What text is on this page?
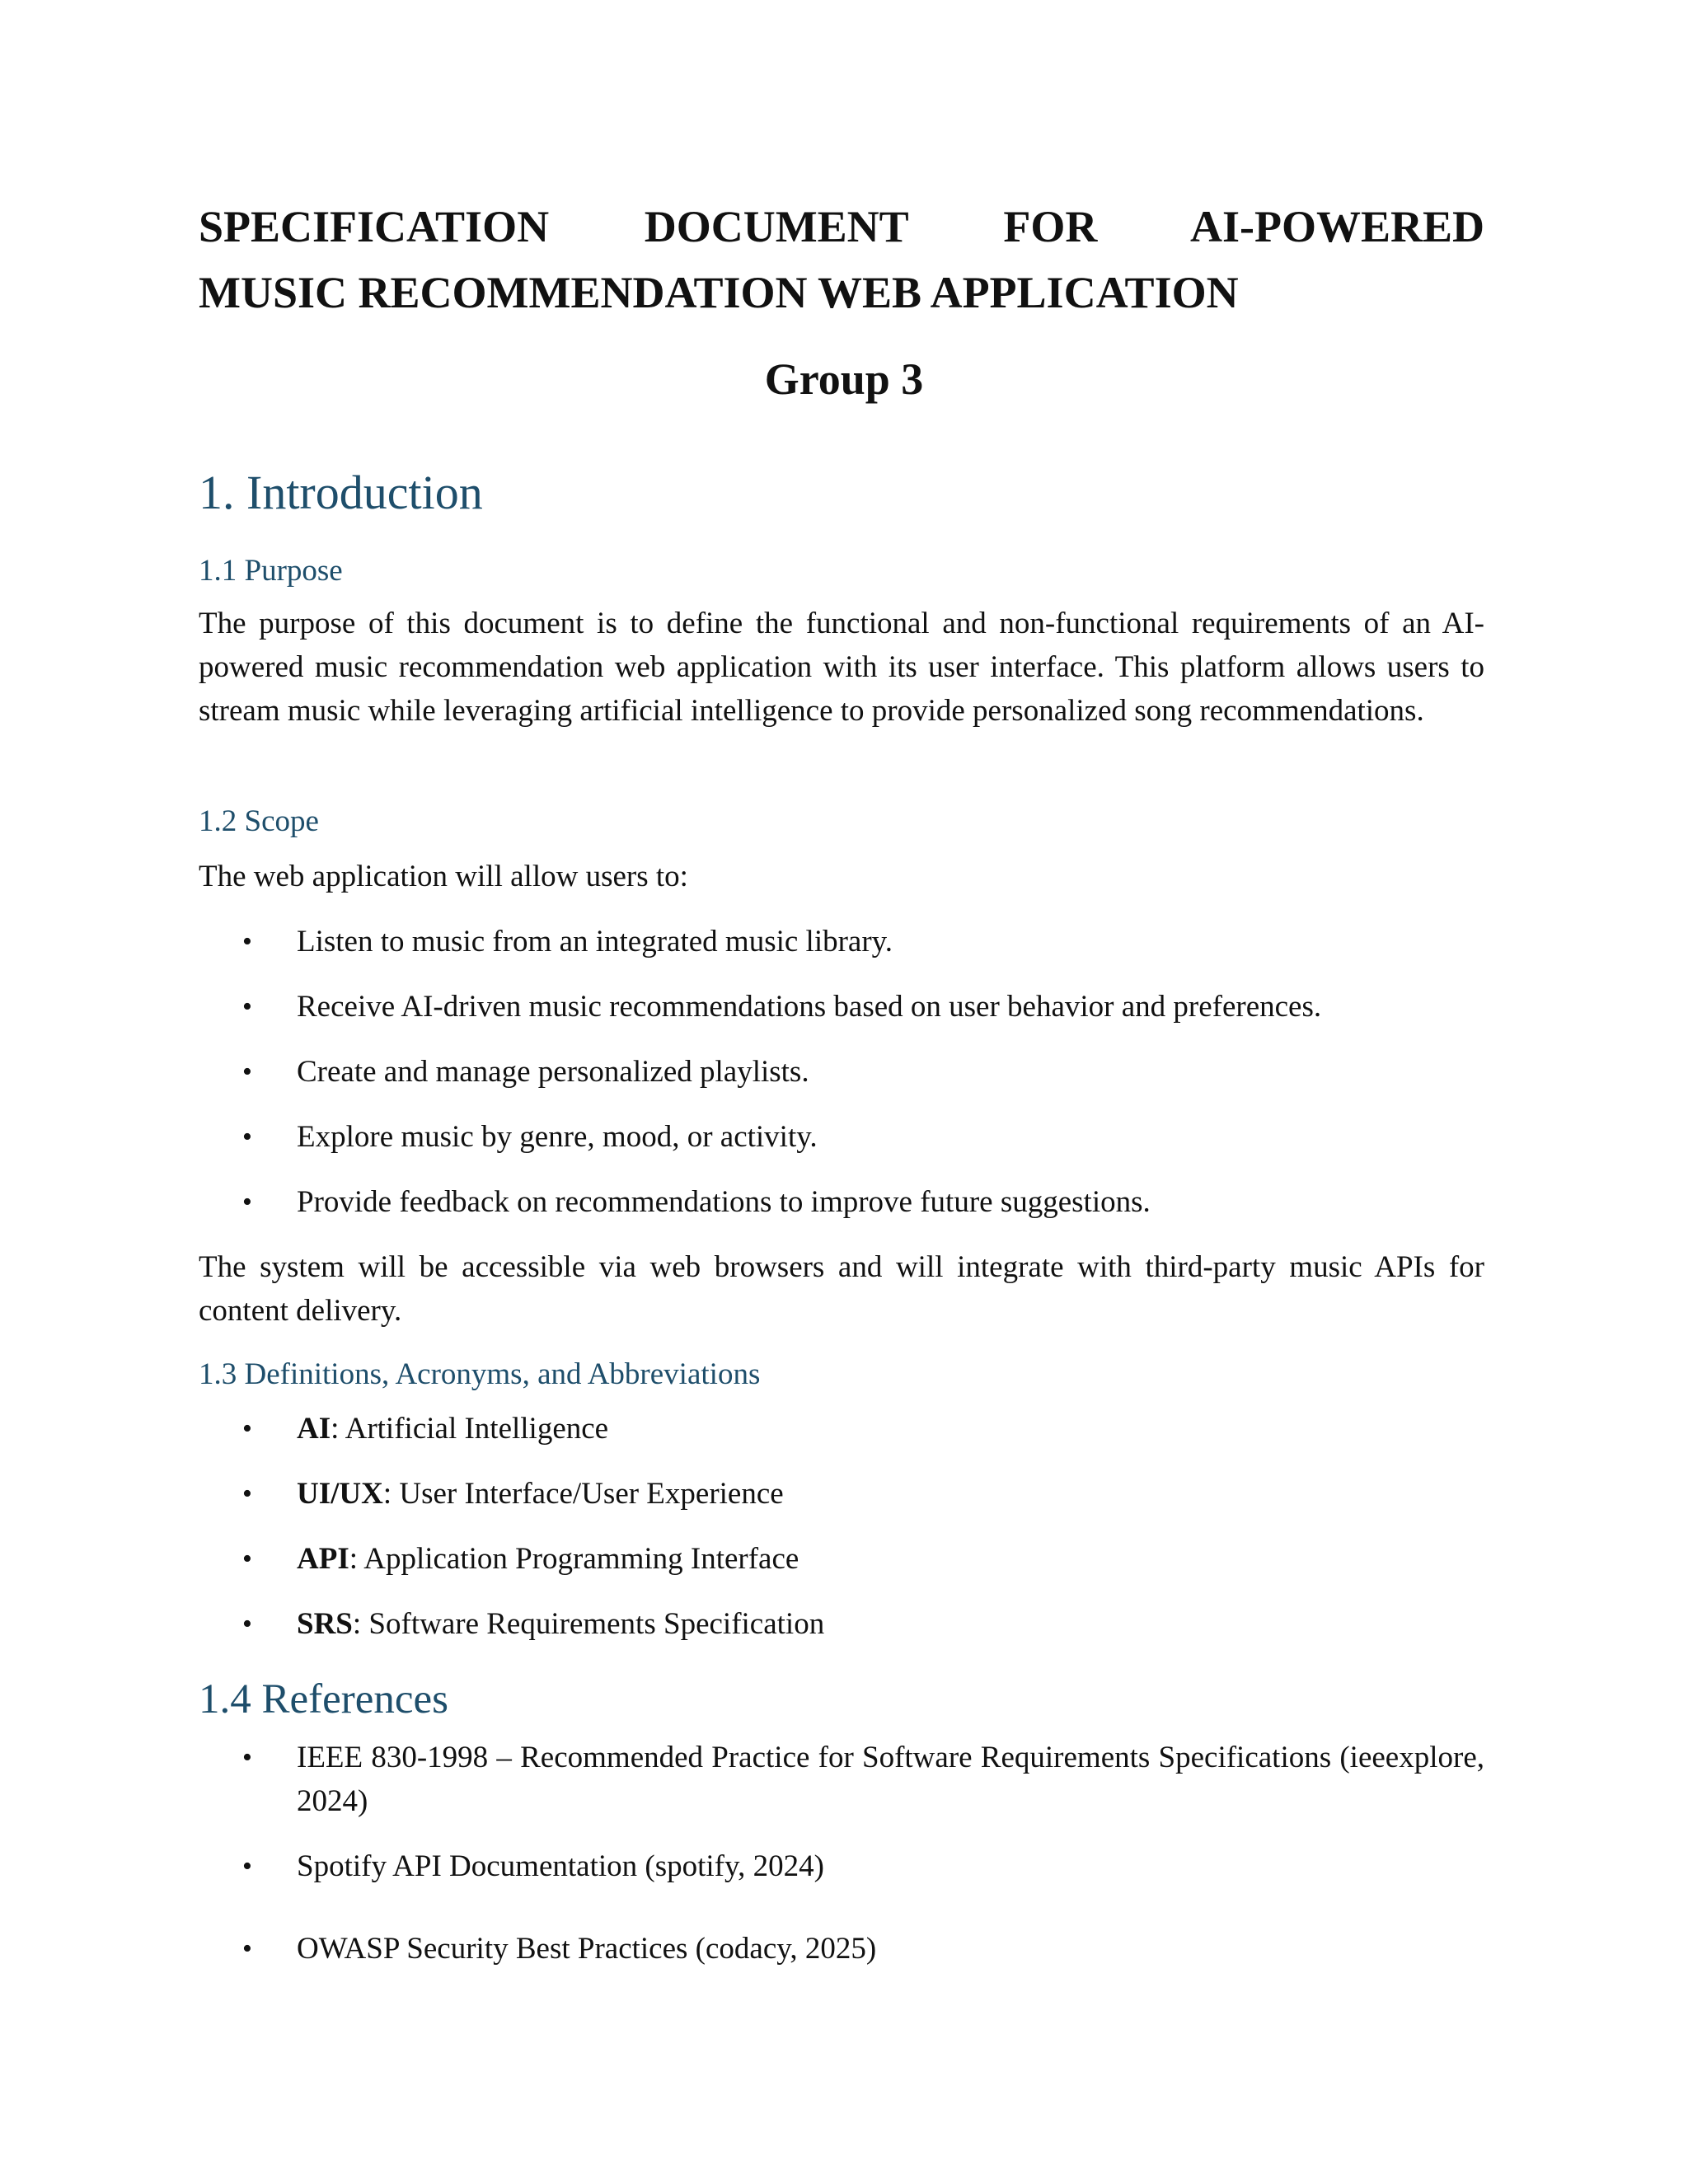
SPECIFICATION DOCUMENT FOR AI-POWERED

MUSIC RECOMMENDATION WEB APPLICATION

Group 3

1. Introduction
1.1 Purpose

The purpose of this document is to define the functional and non-functional requirements of an AI-powered music recommendation web application with its user interface. This platform allows users to stream music while leveraging artificial intelligence to provide personalized song recommendations.

1.2 Scope

The web application will allow users to:

• Listen to music from an integrated music library.
• Receive AI-driven music recommendations based on user behavior and preferences.
• Create and manage personalized playlists.
• Explore music by genre, mood, or activity.
• Provide feedback on recommendations to improve future suggestions.

The system will be accessible via web browsers and will integrate with third-party music APIs for content delivery.

1.3 Definitions, Acronyms, and Abbreviations
• AI: Artificial Intelligence
• UI/UX: User Interface/User Experience
• API: Application Programming Interface
• SRS: Software Requirements Specification
1.4 References
• IEEE 830-1998 – Recommended Practice for Software Requirements Specifications (ieeexplore, 2024)
• Spotify API Documentation (spotify, 2024)
• OWASP Security Best Practices (codacy, 2025)
